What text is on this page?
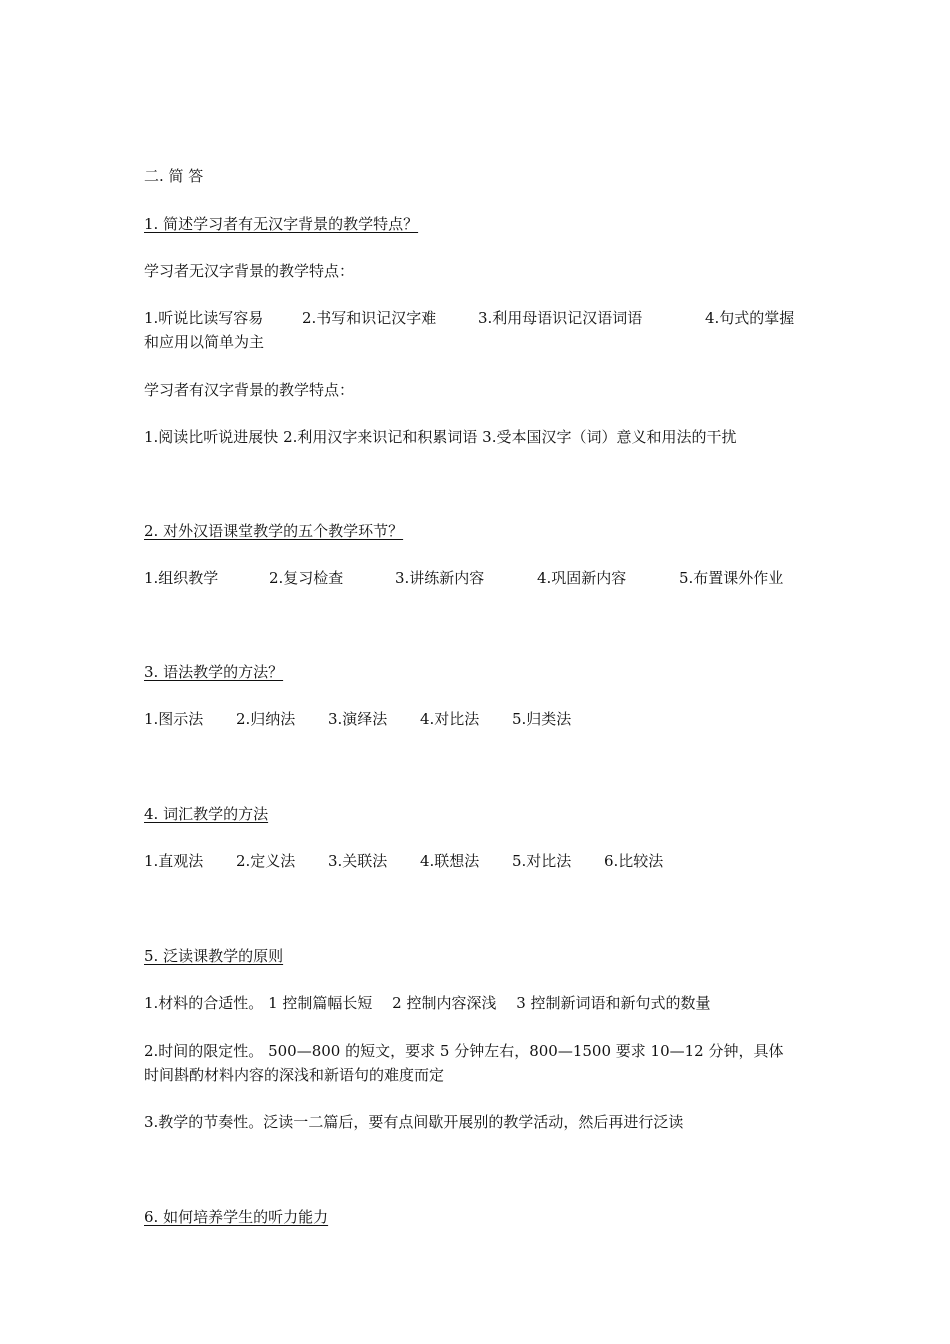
二. 简 答
1. 简述学习者有无汉字背景的教学特点？
学习者无汉字背景的教学特点：
1.听说比读写容易	2.书写和识记汉字难	3.利用母语识记汉语词语	4.句式的掌握
和应用以简单为主
学习者有汉字背景的教学特点：
1.阅读比听说进展快 2.利用汉字来识记和积累词语 3.受本国汉字（词）意义和用法的干扰
2. 对外汉语课堂教学的五个教学环节？
1.组织教学	2.复习检查	3.讲练新内容	4.巩固新内容	5.布置课外作业
3. 语法教学的方法？
1.图示法 2.归纳法 3.演绎法 4.对比法 5.归类法
4. 词汇教学的方法
1.直观法 2.定义法 3.关联法 4.联想法 5.对比法 6.比较法
5. 泛读课教学的原则
1.材料的合适性。 1 控制篇幅长短　 2 控制内容深浅　 3 控制新词语和新句式的数量
2.时间的限定性。 500—800 的短文，要求 5 分钟左右，800—1500 要求 10—12 分钟，具体
时间斟酌材料内容的深浅和新语句的难度而定
3.教学的节奏性。泛读一二篇后，要有点间歇开展别的教学活动，然后再进行泛读
6. 如何培养学生的听力能力
